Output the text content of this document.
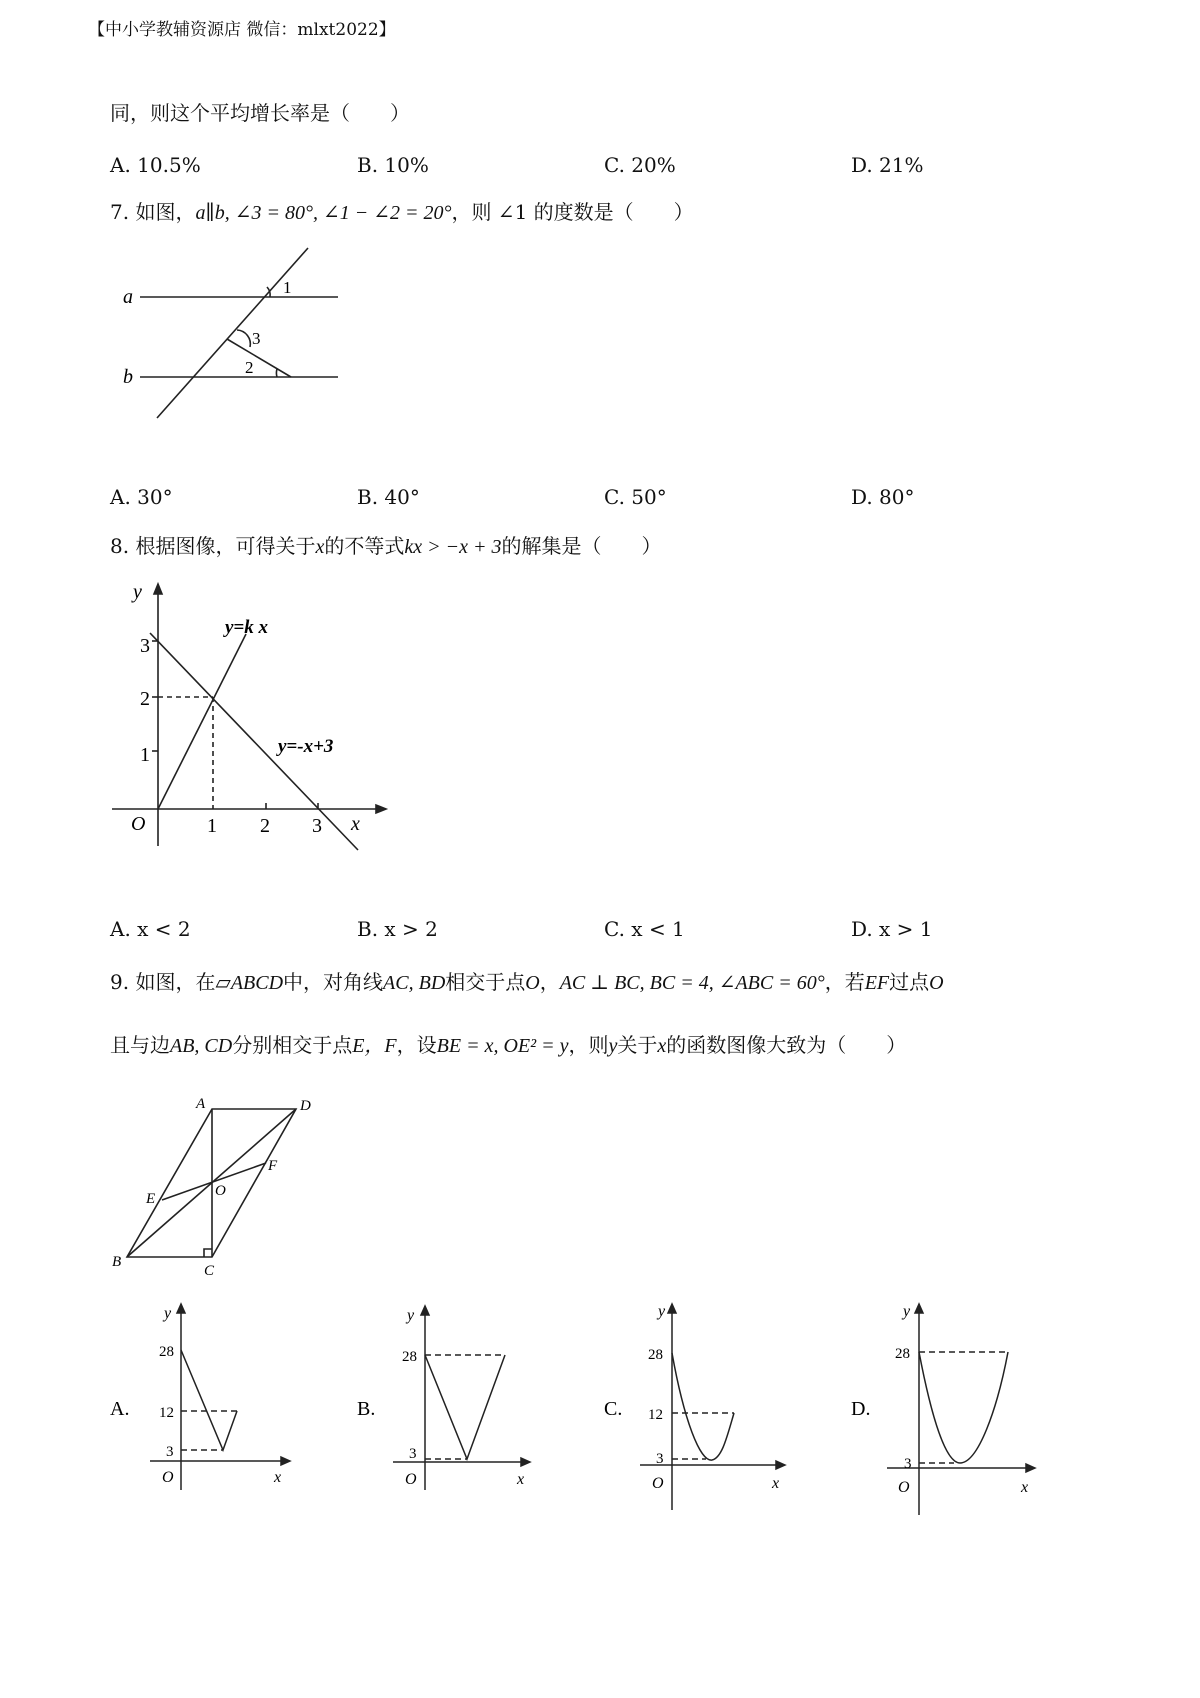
【中小学教辅资源店 微信：mlxt2022】
同，则这个平均增长率是（　　）
A. 10.5%	B. 10%	C. 20%	D. 21%
7. 如图，a∥b, ∠3 = 80°, ∠1 − ∠2 = 20°，则 ∠1 的度数是（　　）
a
b
1
3
2
A. 30°	B. 40°	C. 50°	D. 80°
8. 根据图像，可得关于x的不等式kx > −x + 3的解集是（　　）
y
x
O
3
2
1
1 2 3
y=k x
y=-x+3
A. x < 2	B. x > 2	C. x < 1	D. x > 1
9. 如图，在▱ABCD中，对角线AC, BD相交于点O，AC ⊥ BC, BC = 4, ∠ABC = 60°，若EF过点O
且与边AB, CD分别相交于点E，F，设BE = x, OE² = y，则y关于x的函数图像大致为（　　）
A	D
B
C
E
F
O
A.
y
x
O
28
12
3
B.
y
x
O
28
3
C.
y
x
O
28
12
3
D.
y
x
O
28
3
